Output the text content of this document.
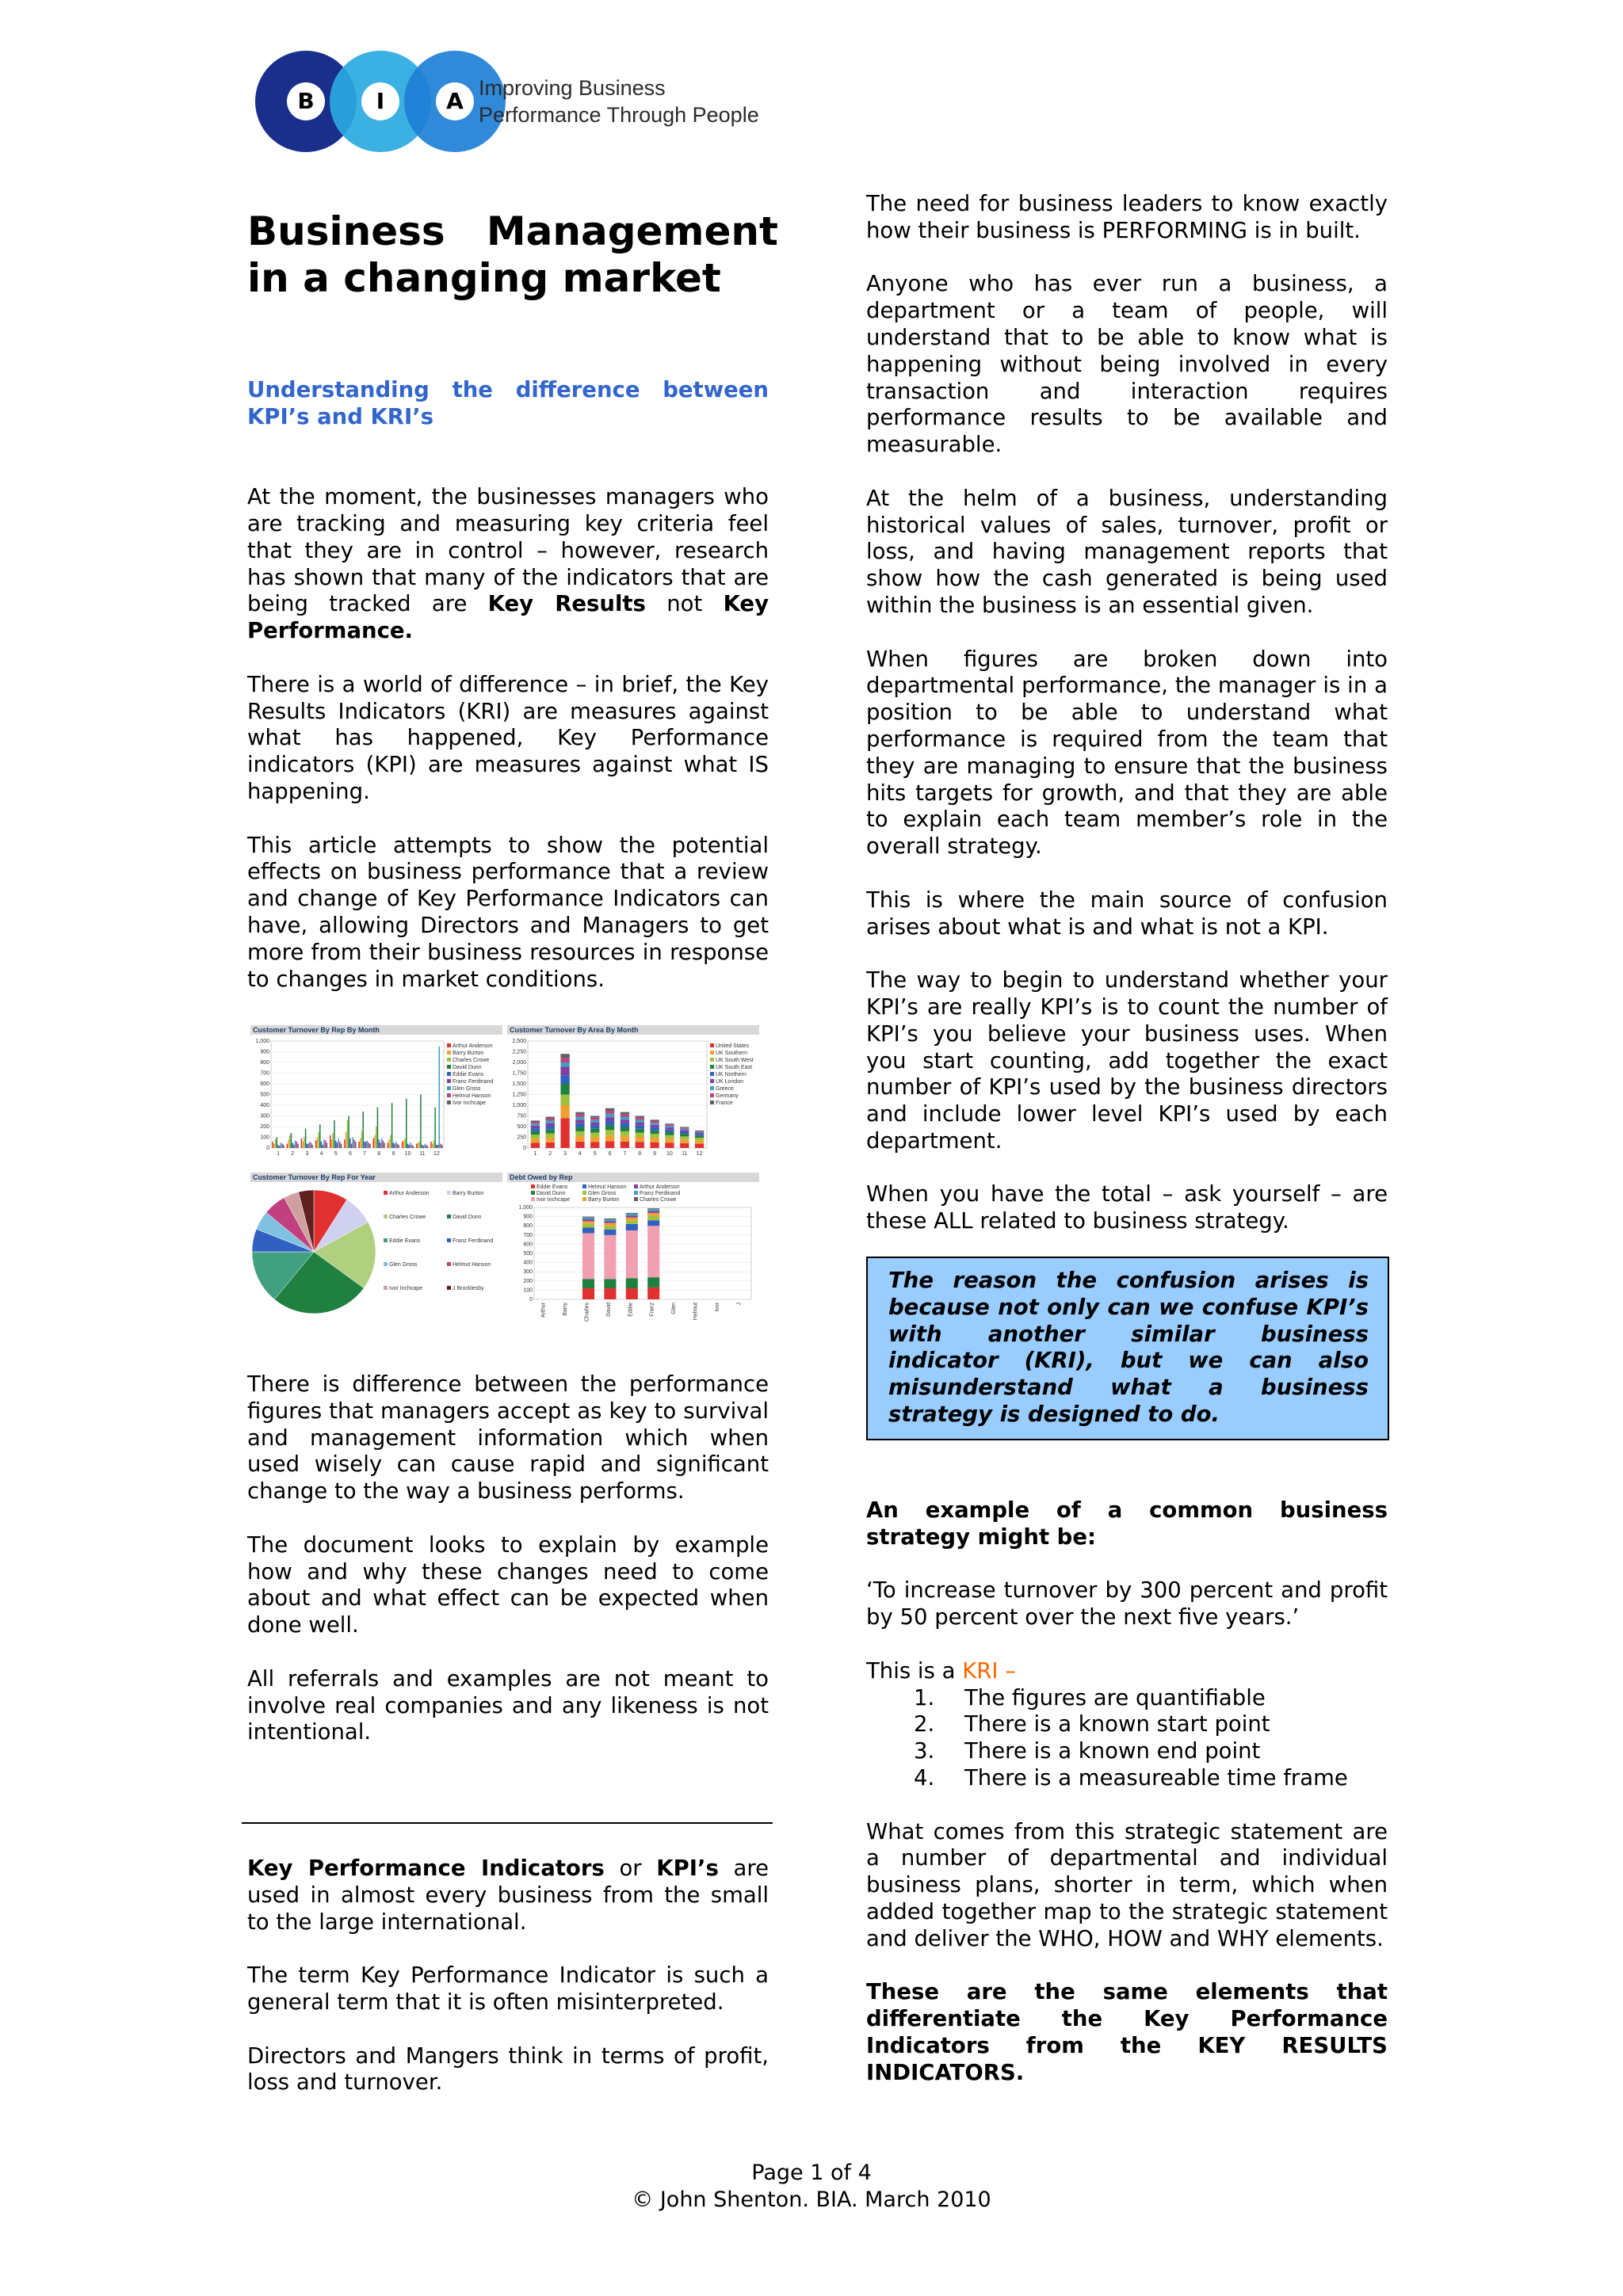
B	I	A Improving Business
Performance Through People
Business   Management
in a changing market

Understanding the difference between KPI’s and KRI’s

At the moment, the businesses managers who are tracking and measuring key criteria feel that they are in control – however, research has shown that many of the indicators that are being tracked are Key Results not Key Performance.

There is a world of difference – in brief, the Key Results Indicators (KRI) are measures against what has happened, Key Performance indicators (KPI) are measures against what IS happening.

This article attempts to show the potential effects on business performance that a review and change of Key Performance Indicators can have, allowing Directors and Managers to get more from their business resources in response to changes in market conditions.

Customer Turnover By Rep By Month
1,000
900
800
700
600
500
400
300
200
100
0
1 2 3 4 5 6 7 8 9 10 11 12
Arthur Anderson
Barry Burton
Charles Crowe
David Dunn
Eddie Evans
Franz Ferdinand
Glen Gross
Helmut Hanson
Ivor Inchcape
Customer Turnover By Area By Month
2,500
2,250
2,000
1,750
1,500
1,250
1,000
750
500
250
0
1 2 3 4 5 6 7 8 9 10 11 12
United States
UK Southern
UK South West
UK South East
UK Northern
UK London
Greece
Germany
France
Customer Turnover By Rep For Year
Arthur Anderson	Barry Burton
Charles Crowe	David Dunn
Eddie Evans	Franz Ferdinand
Glen Gross	Helmut Hanson
Ivor Inchcape	J Brocklesby
Debt Owed by Rep
Eddie Evans
David Dunn
Ivor Inchcape
Helmut Hanson
Glen Gross
Barry Burton
Arthur Anderson
Franz Ferdinand
Charles Crowe
1,000
900
800
700
600
500
400
300
200
100
0
Arthur	Barry	Charles	David	Eddie	Franz	Glen	Helmut	Ivor	J

There is difference between the performance figures that managers accept as key to survival and management information which when used wisely can cause rapid and significant change to the way a business performs.

The document looks to explain by example how and why these changes need to come about and what effect can be expected when done well.

All referrals and examples are not meant to involve real companies and any likeness is not intentional.

Key Performance Indicators or KPI’s are used in almost every business from the small to the large international.

The term Key Performance Indicator is such a general term that it is often misinterpreted.

Directors and Mangers think in terms of profit, loss and turnover.

The need for business leaders to know exactly how their business is PERFORMING is in built.

Anyone who has ever run a business, a department or a team of people, will understand that to be able to know what is happening without being involved in every transaction and interaction requires performance results to be available and measurable.

At the helm of a business, understanding historical values of sales, turnover, profit or loss, and having management reports that show how the cash generated is being used within the business is an essential given.

When figures are broken down into departmental performance, the manager is in a position to be able to understand what performance is required from the team that they are managing to ensure that the business hits targets for growth, and that they are able to explain each team member’s role in the overall strategy.

This is where the main source of confusion arises about what is and what is not a KPI.

The way to begin to understand whether your KPI’s are really KPI’s is to count the number of KPI’s you believe your business uses. When you start counting, add together the exact number of KPI’s used by the business directors and include lower level KPI’s used by each department.

When you have the total – ask yourself – are these ALL related to business strategy.

The reason the confusion arises is because not only can we confuse KPI’s with another similar business indicator (KRI), but we can also misunderstand what a business strategy is designed to do.

An example of a common business strategy might be:

‘To increase turnover by 300 percent and profit by 50 percent over the next five years.’

This is a KRI –

1. The figures are quantifiable
2. There is a known start point
3. There is a known end point
4. There is a measureable time frame

What comes from this strategic statement are a number of departmental and individual business plans, shorter in term, which when added together map to the strategic statement and deliver the WHO, HOW and WHY elements.

These are the same elements that differentiate the Key Performance Indicators from the KEY RESULTS INDICATORS.

Page 1 of 4
© John Shenton. BIA. March 2010
